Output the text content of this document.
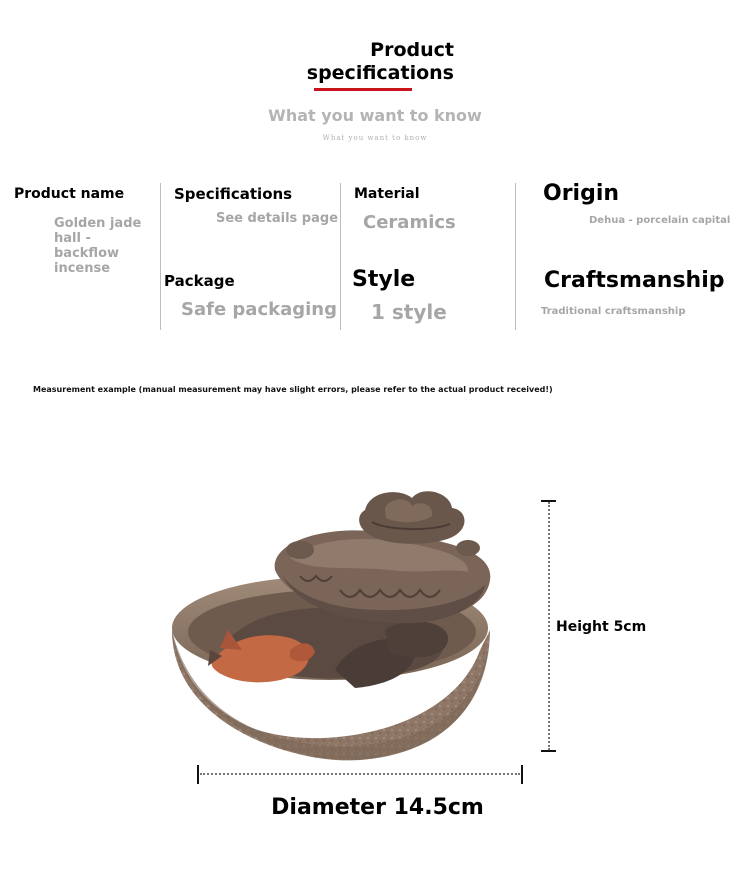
Product
specifications
What you want to know
What you want to know
Product name
Golden jade hall - backflow incense
Specifications
See details page
Material
Ceramics
Origin
Dehua - porcelain capital
Package
Safe packaging
Style
1 style
Craftsmanship
Traditional craftsmanship
Measurement example (manual measurement may have slight errors, please refer to the actual product received!)
Height 5cm
Diameter 14.5cm
